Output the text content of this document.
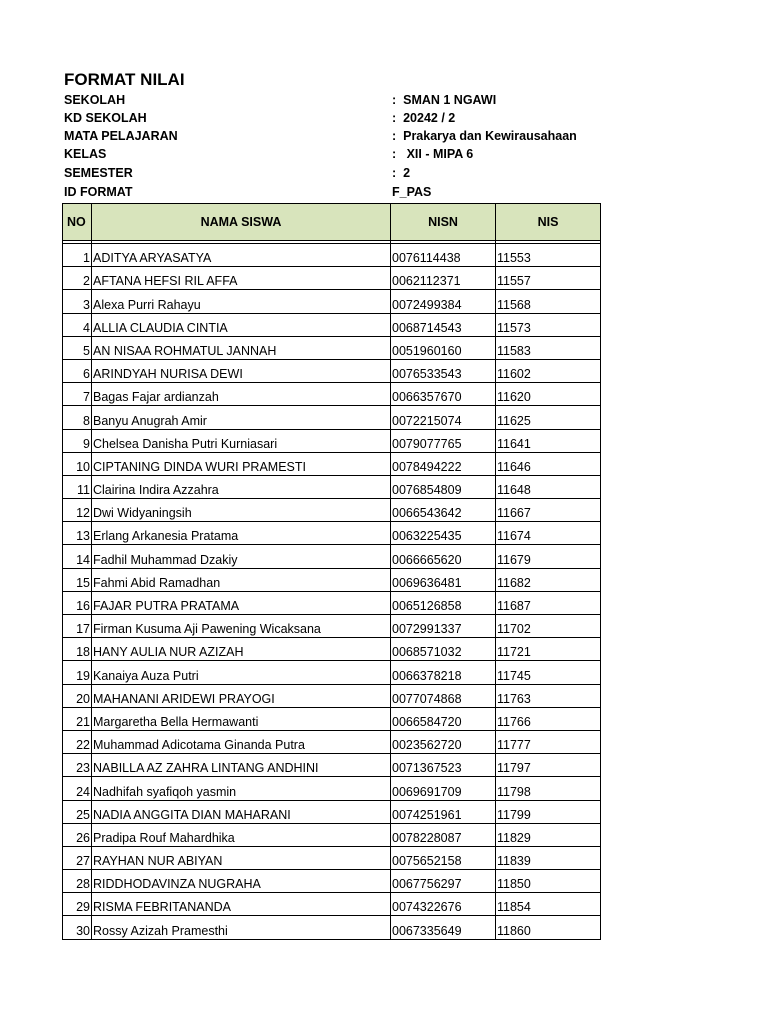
FORMAT NILAI
SEKOLAH	:  SMAN 1 NGAWI
KD SEKOLAH	:  20242 / 2
MATA PELAJARAN	:  Prakarya dan Kewirausahaan
KELAS	:   XII - MIPA 6
SEMESTER	:  2
ID FORMAT	F_PAS
NO	NAMA SISWA	NISN	NIS

1	ADITYA ARYASATYA	0076114438	11553
2	AFTANA HEFSI RIL AFFA	0062112371	11557
3	Alexa Purri Rahayu	0072499384	11568
4	ALLIA CLAUDIA CINTIA	0068714543	11573
5	AN NISAA ROHMATUL JANNAH	0051960160	11583
6	ARINDYAH NURISA DEWI	0076533543	11602
7	Bagas Fajar ardianzah	0066357670	11620
8	Banyu Anugrah Amir	0072215074	11625
9	Chelsea Danisha Putri Kurniasari	0079077765	11641
10	CIPTANING DINDA WURI PRAMESTI	0078494222	11646
11	Clairina Indira Azzahra	0076854809	11648
12	Dwi Widyaningsih	0066543642	11667
13	Erlang Arkanesia Pratama	0063225435	11674
14	Fadhil Muhammad Dzakiy	0066665620	11679
15	Fahmi Abid Ramadhan	0069636481	11682
16	FAJAR PUTRA PRATAMA	0065126858	11687
17	Firman Kusuma Aji Pawening Wicaksana	0072991337	11702
18	HANY AULIA NUR AZIZAH	0068571032	11721
19	Kanaiya Auza Putri	0066378218	11745
20	MAHANANI ARIDEWI PRAYOGI	0077074868	11763
21	Margaretha Bella Hermawanti	0066584720	11766
22	Muhammad Adicotama Ginanda Putra	0023562720	11777
23	NABILLA AZ ZAHRA LINTANG ANDHINI	0071367523	11797
24	Nadhifah syafiqoh yasmin	0069691709	11798
25	NADIA ANGGITA DIAN MAHARANI	0074251961	11799
26	Pradipa Rouf Mahardhika	0078228087	11829
27	RAYHAN NUR ABIYAN	0075652158	11839
28	RIDDHODAVINZA NUGRAHA	0067756297	11850
29	RISMA FEBRITANANDA	0074322676	11854
30	Rossy Azizah Pramesthi	0067335649	11860
